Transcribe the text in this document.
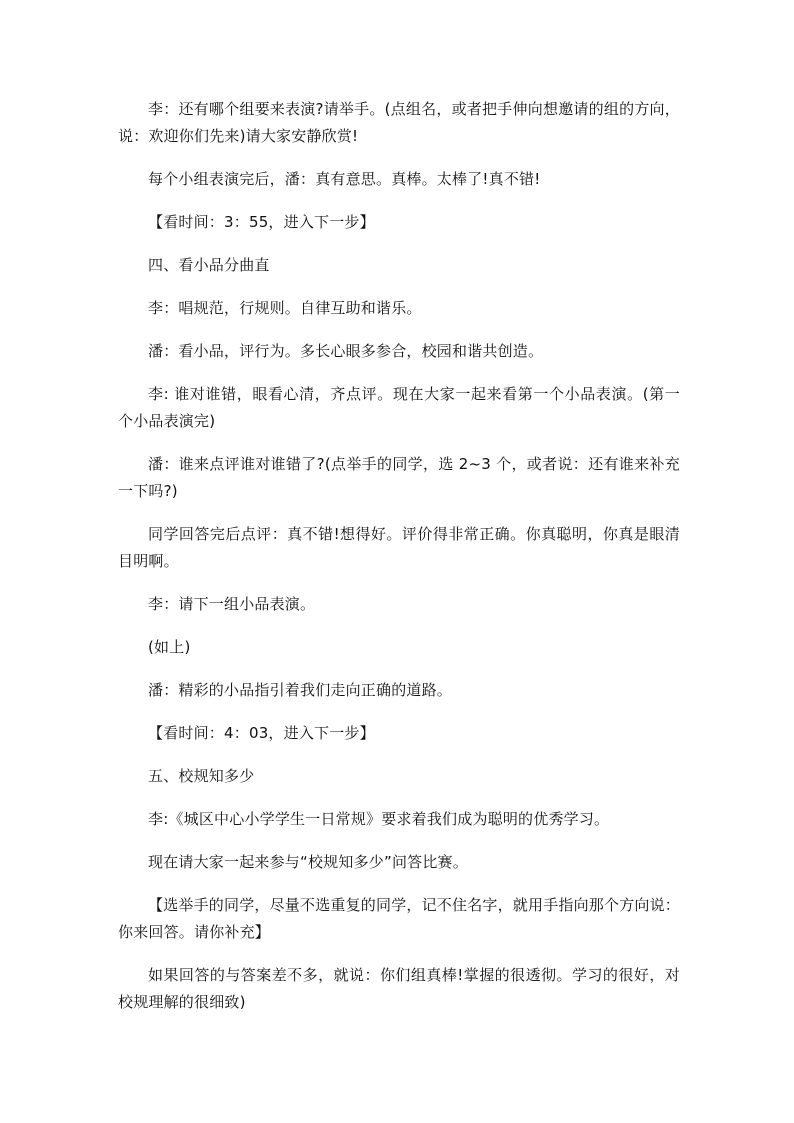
李：还有哪个组要来表演?请举手。(点组名，或者把手伸向想邀请的组的方向，说：欢迎你们先来)请大家安静欣赏!

每个小组表演完后，潘：真有意思。真棒。太棒了!真不错!

【看时间：3：55，进入下一步】

四、看小品分曲直

李：唱规范，行规则。自律互助和谐乐。

潘：看小品，评行为。多长心眼多参合，校园和谐共创造。

李: 谁对谁错，眼看心清，齐点评。现在大家一起来看第一个小品表演。(第一个小品表演完)

潘：谁来点评谁对谁错了?(点举手的同学，选 2~3 个，或者说：还有谁来补充一下吗?)

同学回答完后点评：真不错!想得好。评价得非常正确。你真聪明，你真是眼清目明啊。

李：请下一组小品表演。

(如上)

潘：精彩的小品指引着我们走向正确的道路。

【看时间：4：03，进入下一步】

五、校规知多少

李:《城区中心小学学生一日常规》要求着我们成为聪明的优秀学习。

现在请大家一起来参与“校规知多少”问答比赛。

【选举手的同学，尽量不选重复的同学，记不住名字，就用手指向那个方向说：你来回答。请你补充】

如果回答的与答案差不多，就说：你们组真棒!掌握的很透彻。学习的很好，对校规理解的很细致)
